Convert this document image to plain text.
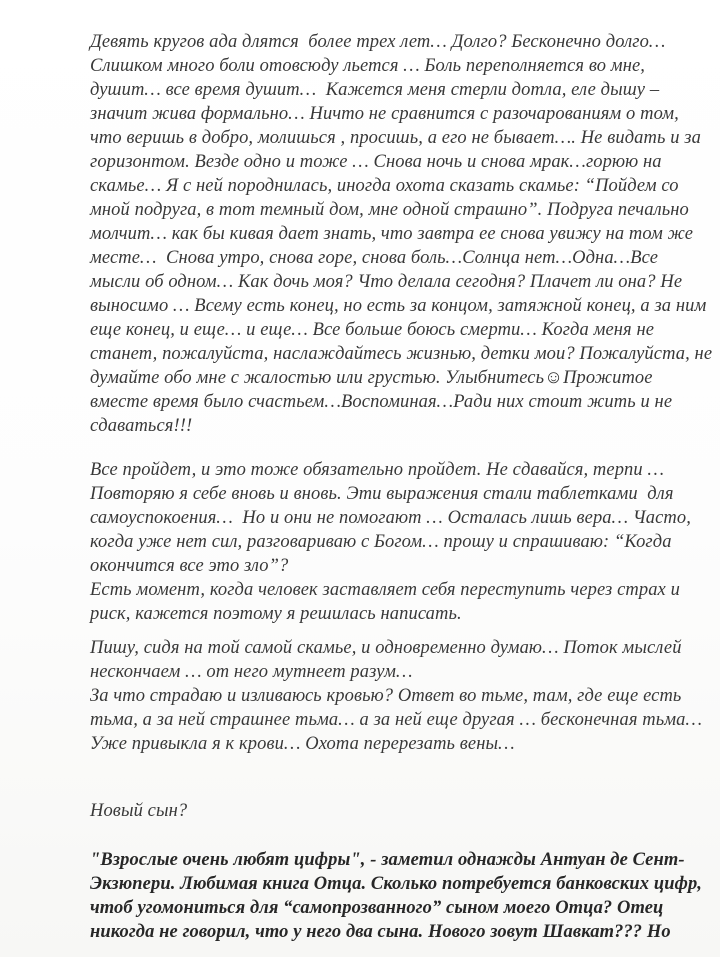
Девять кругов ада длятся  более трех лет… Долго? Бесконечно долго…
Слишком много боли отовсюду льется … Боль переполняется во мне,
душит… все время душит…  Кажется меня стерли дотла, еле дышу –
значит жива формально… Ничто не сравнится с разочарованиям о том,
что веришь в добро, молишься , просишь, а его не бывает…. Не видать и за
горизонтом. Везде одно и тоже … Снова ночь и снова мрак…горюю на
скамье… Я с ней породнилась, иногда охота сказать скамье: “Пойдем со
мной подруга, в тот темный дом, мне одной страшно”. Подруга печально
молчит… как бы кивая дает знать, что завтра ее снова увижу на том же
месте…  Снова утро, снова горе, снова боль…Солнца нет…Одна…Все
мысли об одном… Как дочь моя? Что делала сегодня? Плачет ли она? Не
выносимо … Всему есть конец, но есть за концом, затяжной конец, а за ним
еще конец, и еще… и еще… Все больше боюсь смерти… Когда меня не
станет, пожалуйста, наслаждайтесь жизнью, детки мои? Пожалуйста, не
думайте обо мне с жалостью или грустью. Улыбнитесь☺Прожитое
вместе время было счастьем…Воспоминая…Ради них стоит жить и не
сдаваться!!!
Все пройдет, и это тоже обязательно пройдет. Не сдавайся, терпи …
Повторяю я себе вновь и вновь. Эти выражения стали таблетками  для
самоуспокоения…  Но и они не помогают … Осталась лишь вера… Часто,
когда уже нет сил, разговариваю с Богом… прошу и спрашиваю: “Когда
окончится все это зло”?
Есть момент, когда человек заставляет себя переступить через страх и
риск, кажется поэтому я решилась написать.
Пишу, сидя на той самой скамье, и одновременно думаю… Поток мыслей
нескончаем … от него мутнеет разум…
За что страдаю и изливаюсь кровью? Ответ во тьме, там, где еще есть
тьма, а за ней страшнее тьма… а за ней еще другая … бесконечная тьма…
Уже привыкла я к крови… Охота перерезать вены…
Новый сын?
"Взрослые очень любят цифры", - заметил однажды Антуан де Сент-
Экзюпери. Любимая книга Отца. Сколько потребуется банковских цифр,
чтоб угомониться для “самопрозванного” сыном моего Отца? Отец
никогда не говорил, что у него два сына. Нового зовут Шавкат??? Но
